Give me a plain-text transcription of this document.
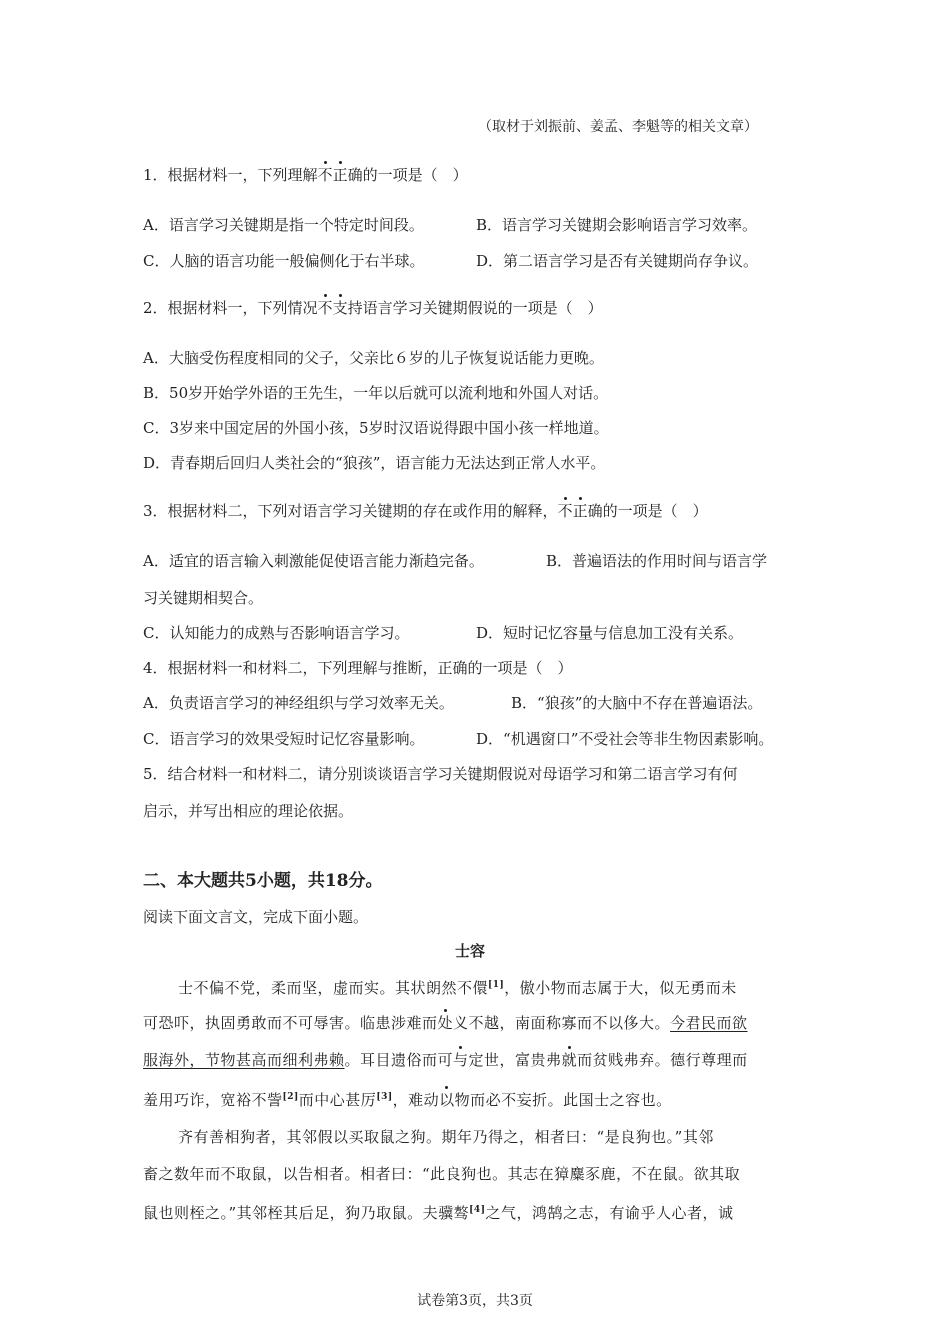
（取材于刘振前、姜孟、李魁等的相关文章）
1．根据材料一，下列理解不正确的一项是（　）
A．语言学习关键期是指一个特定时间段。	B．语言学习关键期会影响语言学习效率。
C．人脑的语言功能一般偏侧化于右半球。	D．第二语言学习是否有关键期尚存争议。
2．根据材料一，下列情况不支持语言学习关键期假说的一项是（　）
A．大脑受伤程度相同的父子，父亲比６岁的儿子恢复说话能力更晚。
B．50岁开始学外语的王先生，一年以后就可以流利地和外国人对话。
C．3岁来中国定居的外国小孩，5岁时汉语说得跟中国小孩一样地道。
D．青春期后回归人类社会的“狼孩”，语言能力无法达到正常人水平。
3．根据材料二，下列对语言学习关键期的存在或作用的解释，不正确的一项是（　）
A．适宜的语言输入刺激能促使语言能力渐趋完备。	B．普遍语法的作用时间与语言学
习关键期相契合。
C．认知能力的成熟与否影响语言学习。	D．短时记忆容量与信息加工没有关系。
4．根据材料一和材料二，下列理解与推断，正确的一项是（　）
A．负责语言学习的神经组织与学习效率无关。	B．“狼孩”的大脑中不存在普遍语法。
C．语言学习的效果受短时记忆容量影响。	D．“机遇窗口”不受社会等非生物因素影响。
5．结合材料一和材料二，请分别谈谈语言学习关键期假说对母语学习和第二语言学习有何
启示，并写出相应的理论依据。
二、本大题共5小题，共18分。
阅读下面文言文，完成下面小题。
士容
士不偏不党，柔而坚，虚而实。其状朗然不儇[1]，傲小物而志属于大，似无勇而未
可恐吓，执固勇敢而不可辱害。临患涉难而处义不越，南面称寡而不以侈大。今君民而欲
服海外，节物甚高而细利弗赖。耳目遗俗而可与定世，富贵弗就而贫贱弗弃。德行尊理而
羞用巧诈，宽裕不訾[2]而中心甚厉[3]，难动以物而必不妄折。此国士之容也。
齐有善相狗者，其邻假以买取鼠之狗。期年乃得之，相者曰：“是良狗也。”其邻
畜之数年而不取鼠，以告相者。相者曰：“此良狗也。其志在獐麋豕鹿，不在鼠。欲其取
鼠也则桎之。”其邻桎其后足，狗乃取鼠。夫骥骜[4]之气，鸿鹄之志，有谕乎人心者，诚
试卷第3页，共3页
